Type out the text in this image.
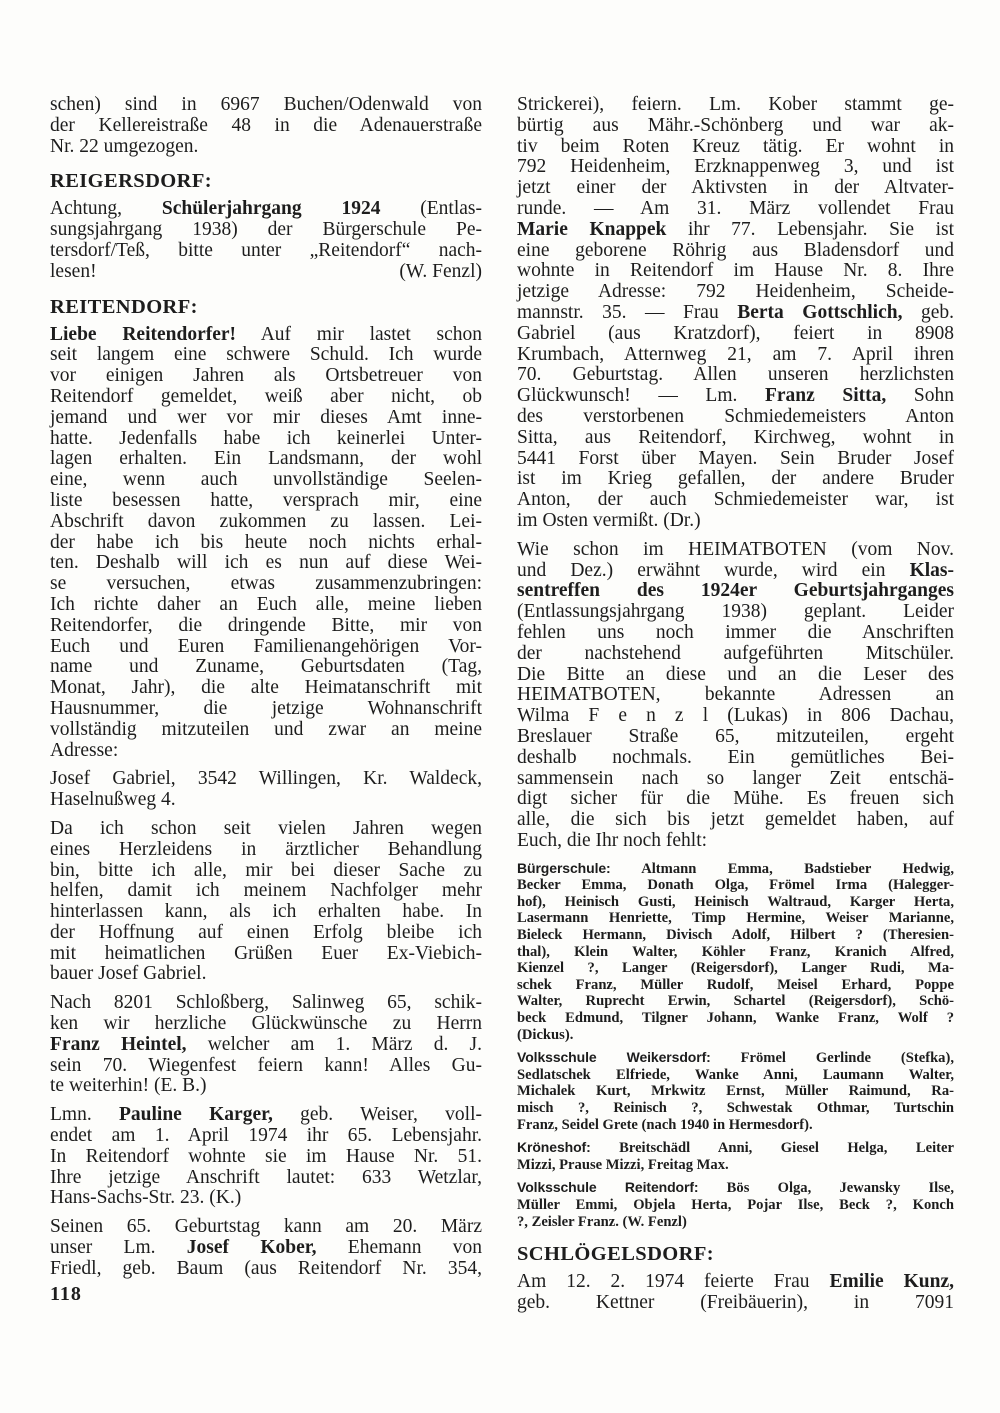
schen) sind in 6967 Buchen/Odenwald von
der Kellereistraße 48 in die Adenauerstraße
Nr. 22 umgezogen.
REIGERSDORF:
Achtung, Schülerjahrgang 1924 (Entlas-
sungsjahrgang 1938) der Bürgerschule Pe-
tersdorf/Teß, bitte unter „Reitendorf“ nach-
lesen!	(W. Fenzl)
REITENDORF:
Liebe Reitendorfer! Auf mir lastet schon
seit langem eine schwere Schuld. Ich wurde
vor einigen Jahren als Ortsbetreuer von
Reitendorf gemeldet, weiß aber nicht, ob
jemand und wer vor mir dieses Amt inne-
hatte. Jedenfalls habe ich keinerlei Unter-
lagen erhalten. Ein Landsmann, der wohl
eine, wenn auch unvollständige Seelen-
liste besessen hatte, versprach mir, eine
Abschrift davon zukommen zu lassen. Lei-
der habe ich bis heute noch nichts erhal-
ten. Deshalb will ich es nun auf diese Wei-
se versuchen, etwas zusammenzubringen:
Ich richte daher an Euch alle, meine lieben
Reitendorfer, die dringende Bitte, mir von
Euch und Euren Familienangehörigen Vor-
name und Zuname, Geburtsdaten (Tag,
Monat, Jahr), die alte Heimatanschrift mit
Hausnummer, die jetzige Wohnanschrift
vollständig mitzuteilen und zwar an meine
Adresse:
Josef Gabriel, 3542 Willingen, Kr. Waldeck,
Haselnußweg 4.
Da ich schon seit vielen Jahren wegen
eines Herzleidens in ärztlicher Behandlung
bin, bitte ich alle, mir bei dieser Sache zu
helfen, damit ich meinem Nachfolger mehr
hinterlassen kann, als ich erhalten habe. In
der Hoffnung auf einen Erfolg bleibe ich
mit heimatlichen Grüßen Euer Ex-Viebich-
bauer Josef Gabriel.
Nach 8201 Schloßberg, Salinweg 65, schik-
ken wir herzliche Glückwünsche zu Herrn
Franz Heintel, welcher am 1. März d. J.
sein 70. Wiegenfest feiern kann! Alles Gu-
te weiterhin! (E. B.)
Lmn. Pauline Karger, geb. Weiser, voll-
endet am 1. April 1974 ihr 65. Lebensjahr.
In Reitendorf wohnte sie im Hause Nr. 51.
Ihre jetzige Anschrift lautet: 633 Wetzlar,
Hans-Sachs-Str. 23. (K.)
Seinen 65. Geburtstag kann am 20. März
unser Lm. Josef Kober, Ehemann von
Friedl, geb. Baum (aus Reitendorf Nr. 354,
Strickerei), feiern. Lm. Kober stammt ge-
bürtig aus Mähr.-Schönberg und war ak-
tiv beim Roten Kreuz tätig. Er wohnt in
792 Heidenheim, Erzknappenweg 3, und ist
jetzt einer der Aktivsten in der Altvater-
runde. — Am 31. März vollendet Frau
Marie Knappek ihr 77. Lebensjahr. Sie ist
eine geborene Röhrig aus Bladensdorf und
wohnte in Reitendorf im Hause Nr. 8. Ihre
jetzige Adresse: 792 Heidenheim, Scheide-
mannstr. 35. — Frau Berta Gottschlich, geb.
Gabriel (aus Kratzdorf), feiert in 8908
Krumbach, Atternweg 21, am 7. April ihren
70. Geburtstag. Allen unseren herzlichsten
Glückwunsch! — Lm. Franz Sitta, Sohn
des verstorbenen Schmiedemeisters Anton
Sitta, aus Reitendorf, Kirchweg, wohnt in
5441 Forst über Mayen. Sein Bruder Josef
ist im Krieg gefallen, der andere Bruder
Anton, der auch Schmiedemeister war, ist
im Osten vermißt. (Dr.)
Wie schon im HEIMATBOTEN (vom Nov.
und Dez.) erwähnt wurde, wird ein Klas-
sentreffen des 1924er Geburtsjahrganges
(Entlassungsjahrgang 1938) geplant. Leider
fehlen uns noch immer die Anschriften
der nachstehend aufgeführten Mitschüler.
Die Bitte an diese und an die Leser des
HEIMATBOTEN, bekannte Adressen an
Wilma F e n z l (Lukas) in 806 Dachau,
Breslauer Straße 65, mitzuteilen, ergeht
deshalb nochmals. Ein gemütliches Bei-
sammensein nach so langer Zeit entschä-
digt sicher für die Mühe. Es freuen sich
alle, die sich bis jetzt gemeldet haben, auf
Euch, die Ihr noch fehlt:
Bürgerschule: Altmann Emma, Badstieber Hedwig,
Becker Emma, Donath Olga, Frömel Irma (Halegger-
hof), Heinisch Gusti, Heinisch Waltraud, Karger Herta,
Lasermann Henriette, Timp Hermine, Weiser Marianne,
Bieleck Hermann, Divisch Adolf, Hilbert ? (Theresien-
thal), Klein Walter, Köhler Franz, Kranich Alfred,
Kienzel ?, Langer (Reigersdorf), Langer Rudi, Ma-
schek Franz, Müller Rudolf, Meisel Erhard, Poppe
Walter, Ruprecht Erwin, Schartel (Reigersdorf), Schö-
beck Edmund, Tilgner Johann, Wanke Franz, Wolf ?
(Dickus).
Volksschule Weikersdorf: Frömel Gerlinde (Stefka),
Sedlatschek Elfriede, Wanke Anni, Laumann Walter,
Michalek Kurt, Mrkwitz Ernst, Müller Raimund, Ra-
misch ?, Reinisch ?, Schwestak Othmar, Turtschin
Franz, Seidel Grete (nach 1940 in Hermesdorf).
Kröneshof: Breitschädl Anni, Giesel Helga, Leiter
Mizzi, Prause Mizzi, Freitag Max.
Volksschule Reitendorf: Bös Olga, Jewansky Ilse,
Müller Emmi, Objela Herta, Pojar Ilse, Beck ?, Konch
?, Zeisler Franz. (W. Fenzl)
SCHLÖGELSDORF:
Am 12. 2. 1974 feierte Frau Emilie Kunz,
geb. Kettner (Freibäuerin), in 7091
118
